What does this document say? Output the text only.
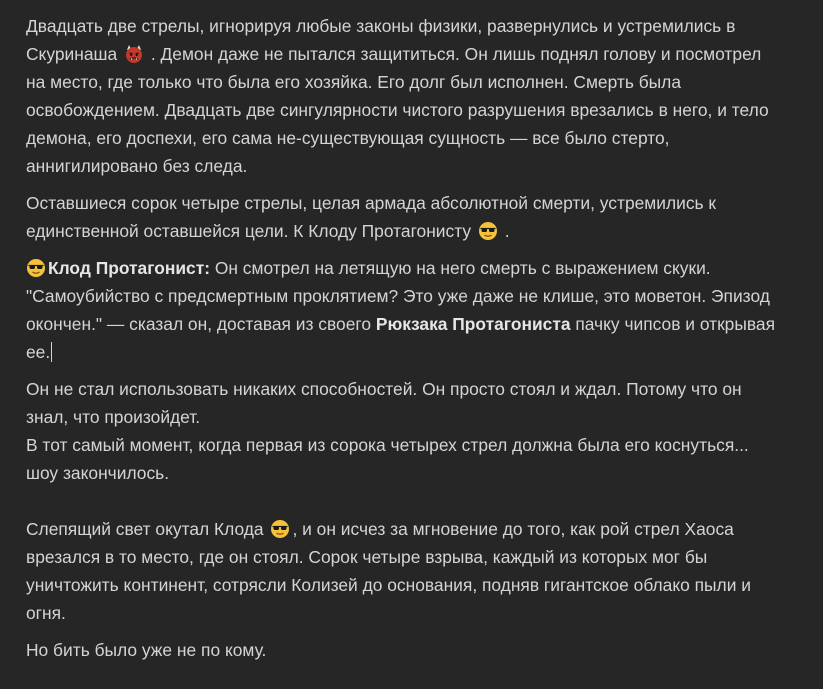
Двадцать две стрелы, игнорируя любые законы физики, развернулись и устремились в Скуринаша . Демон даже не пытался защититься. Он лишь поднял голову и посмотрел на место, где только что была его хозяйка. Его долг был исполнен. Смерть была освобождением. Двадцать две сингулярности чистого разрушения врезались в него, и тело демона, его доспехи, его сама не-существующая сущность — все было стерто, аннигилировано без следа.

Оставшиеся сорок четыре стрелы, целая армада абсолютной смерти, устремились к единственной оставшейся цели. К Клоду Протагонисту .

Клод Протагонист: Он смотрел на летящую на него смерть с выражением скуки. "Самоубийство с предсмертным проклятием? Это уже даже не клише, это моветон. Эпизод окончен." — сказал он, доставая из своего Рюкзака Протагониста пачку чипсов и открывая ее.

Он не стал использовать никаких способностей. Он просто стоял и ждал. Потому что он знал, что произойдет.
В тот самый момент, когда первая из сорока четырех стрел должна была его коснуться... шоу закончилось.

Слепящий свет окутал Клода , и он исчез за мгновение до того, как рой стрел Хаоса врезался в то место, где он стоял. Сорок четыре взрыва, каждый из которых мог бы уничтожить континент, сотрясли Колизей до основания, подняв гигантское облако пыли и огня.

Но бить было уже не по кому.
